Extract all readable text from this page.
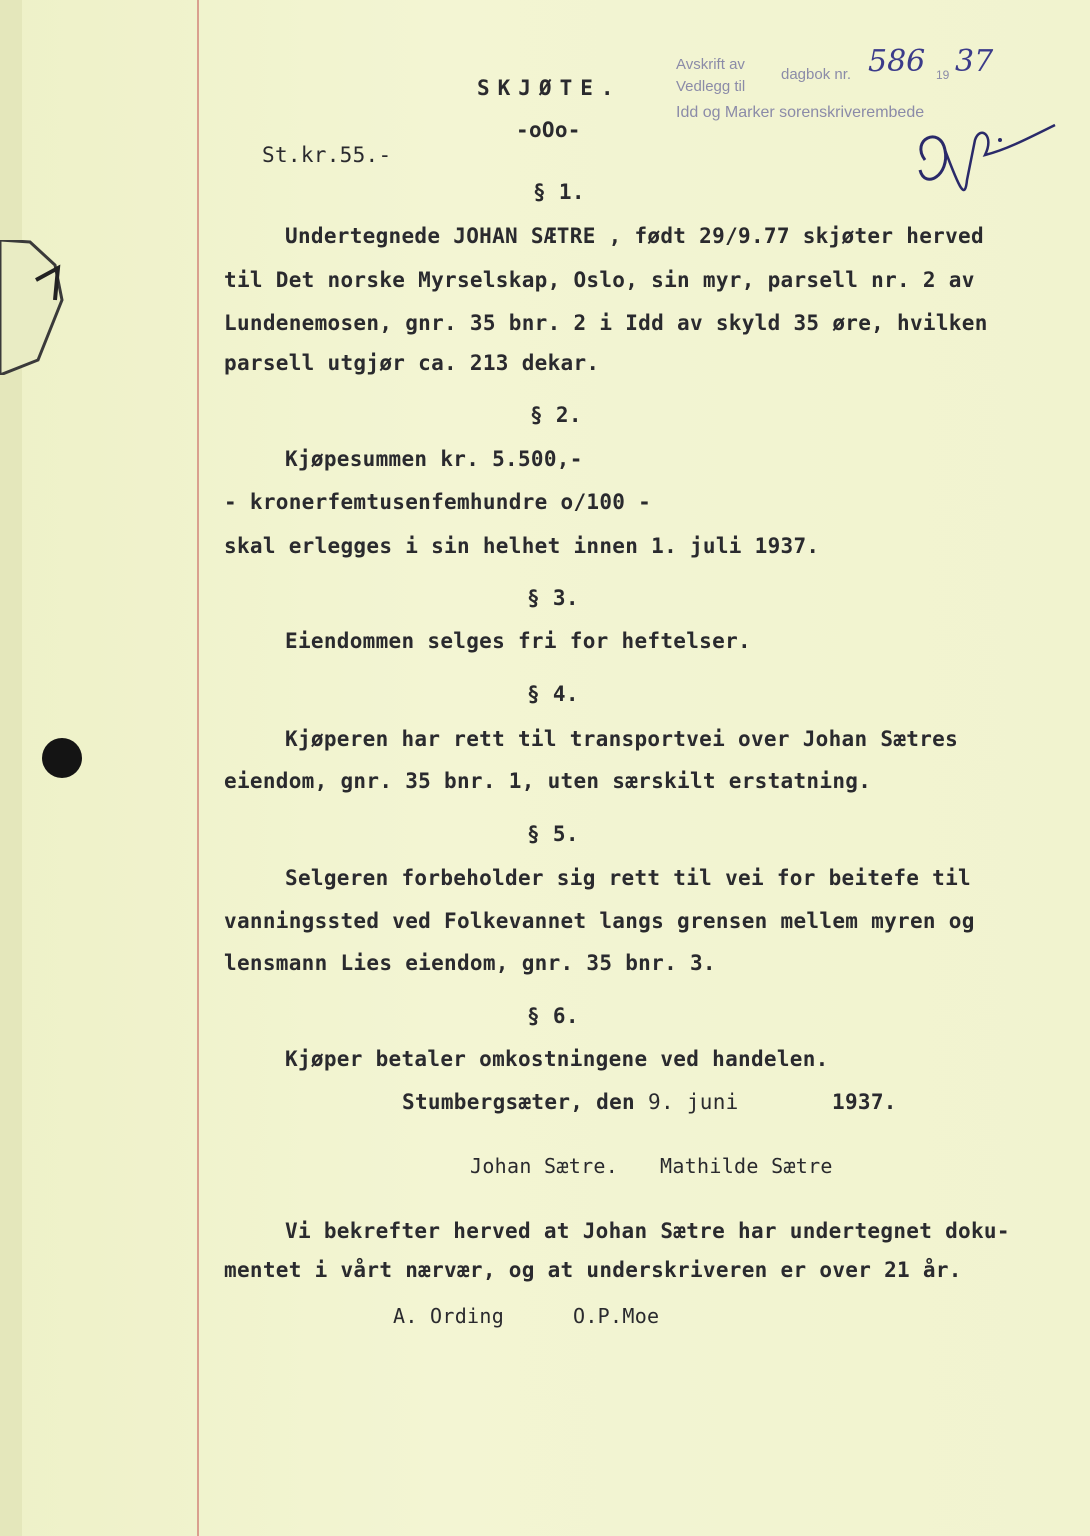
Avskrift av
Vedlegg til
dagbok nr. 586 19 37
Idd og Marker sorenskriverembede
SKJØTE.
-oOo-
St.kr.55.-
§ 1.
Undertegnede JOHAN SÆTRE , født 29/9.77 skjøter herved
til Det norske Myrselskap, Oslo, sin myr, parsell nr. 2 av
Lundenemosen, gnr. 35 bnr. 2 i Idd av skyld 35 øre, hvilken
parsell utgjør ca. 213 dekar.
§ 2.
Kjøpesummen kr. 5.500,-
- kronerfemtusenfemhundre o/100 -
skal erlegges i sin helhet innen 1. juli 1937.
§ 3.
Eiendommen selges fri for heftelser.
§ 4.
Kjøperen har rett til transportvei over Johan Sætres
eiendom, gnr. 35 bnr. 1, uten særskilt erstatning.
§ 5.
Selgeren forbeholder sig rett til vei for beitefe til
vanningssted ved Folkevannet langs grensen mellem myren og
lensmann Lies eiendom, gnr. 35 bnr. 3.
§ 6.
Kjøper betaler omkostningene ved handelen.
Stumbergsæter, den 9. juni	1937.
Johan Sætre. Mathilde Sætre
Vi bekrefter herved at Johan Sætre har undertegnet doku-
mentet i vårt nærvær, og at underskriveren er over 21 år.
A. Ording	O.P.Moe
